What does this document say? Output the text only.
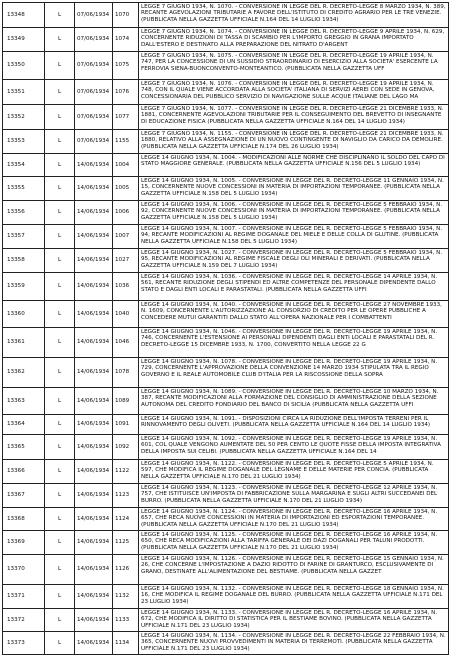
13348	L	07/06/1934	1070	LEGGE 7 GIUGNO 1934, N. 1070. - CONVERSIONE IN LEGGE DEL R. DECRETO-LEGGE 8 MARZO 1934, N. 389, RECANTE AGEVOLAZIONI TRIBUTARIE A FAVORE DELL'ISTITUTO DI CREDITO AGRARIO PER LE TRE VENEZIE. (PUBBLICATA NELLA GAZZETTA UFFICIALE N.164 DEL 14 LUGLIO 1934)
13349	L	07/06/1934	1074	LEGGE 7 GIUGNO 1934, N. 1074. - CONVERSIONE IN LEGGE DEL R. DECRETO-LEGGE 9 APRILE 1934, N. 629, CONCERNENTE RIDUZIONI DI TASSA DI SCAMBIO PER L'IMPORTO GREGGIO IN GRANA IMPORTATO DALL'ESTERO E DESTINATO ALLA PREPARAZIONE DEL NITRATO D'ARGENT
13350	L	07/06/1934	1075	LEGGE 7 GIUGNO 1934, N. 1075. - CONVERSIONE IN LEGGE DEL R. DECRETO-LEGGE 19 APRILE 1934, N. 747, PER LA CONCESSIONE DI UN SUSSIDIO STRAORDINARIO DI ESERCIZIO ALLA SOCIETA' ESERCENTE LA FERROVIA SIENA-BUONCONVENTO-MONTEANTICO. (PUBBLICATA NELLA GAZZETTA UFF
13351	L	07/06/1934	1076	LEGGE 7 GIUGNO 1934, N. 1076. - CONVERSIONE IN LEGGE DEL R. DECRETO-LEGGE 19 APRILE 1934, N. 748, CON IL QUALE VIENE ACCORDATA ALLA SOCIETA' ITALIANA DI SERVIZI AEREI CON SEDE IN GENOVA, CONCESSIONARIA DEL PUBBLICO SERVIZIO DI NAVIGAZIONE SULLE ACQUE ITALIANE DEL LAGO MA
13352	L	07/06/1934	1077	LEGGE 7 GIUGNO 1934, N. 1077. - CONVERSIONE IN LEGGE DEL R. DECRETO-LEGGE 21 DICEMBRE 1933, N. 1881, CONCERNENTE AGEVOLAZIONI TRIBUTARIE PER IL CONSEGUIMENTO DEL BREVETTO DI INSEGNANTE DI EDUCAZIONE FISICA (PUBBLICATA NELLA GAZZETTA UFFICIALE N.164 DEL 14 LUGLIO 1934)
13353	L	07/06/1934	1155	LEGGE 7 GIUGNO 1934, N. 1155. - CONVERSIONE IN LEGGE DEL R. DECRETO-LEGGE 21 DICEMBRE 1933, N. 1880, RELATIVO ALLA ASSEGNAZIONE DI UN NUOVO CONTINGENTE DI NAVIGLIO DA CARICO DA DEMOLIRE. (PUBBLICATA NELLA GAZZETTA UFFICIALE N.174 DEL 26 LUGLIO 1934)
13354	L	14/06/1934	1004	LEGGE 14 GIUGNO 1934, N. 1004. - MODIFICAZIONI ALLE NORME CHE DISCIPLINANO IL SOLDO DEL CAPO DI STATO MAGGIORE GENERALE. (PUBBLICATA NELLA GAZZETTA UFFICIALE N.156 DEL 5 LUGLIO 1934)
13355	L	14/06/1934	1005	LEGGE 14 GIUGNO 1934, N. 1005. - CONVERSIONE IN LEGGE DEL R. DECRETO-LEGGE 11 GENNAIO 1934, N. 15, CONCERNENTE NUOVE CONCESSIONI IN MATERIA DI IMPORTAZIONI TEMPORANEE. (PUBBLICATA NELLA GAZZETTA UFFICIALE N.158 DEL 5 LUGLIO 1934)
13356	L	14/06/1934	1006	LEGGE 14 GIUGNO 1934, N. 1006. - CONVERSIONE IN LEGGE DEL R. DECRETO-LEGGE 5 FEBBRAIO 1934, N. 92, CONCERNENTE NUOVE CONCESSIONI IN MATERIA DI IMPORTAZIONI TEMPORANEE. (PUBBLICATA NELLA GAZZETTA UFFICIALE N.158 DEL 5 LUGLIO 1934)
13357	L	14/06/1934	1007	LEGGE 14 GIUGNO 1934, N. 1007. - CONVERSIONE IN LEGGE DEL R. DECRETO-LEGGE 5 FEBBRAIO 1934, N. 94, RECANTE MODIFICAZIONI AL REGIME DOGANALE DEL MIELE E DELLE COLLA DI GLUTINE. (PUBBLICATA NELLA GAZZETTA UFFICIALE N.158 DEL 5 LUGLIO 1934)
13358	L	14/06/1934	1027	LEGGE 14 GIUGNO 1934, N. 1027. - CONVERSIONE IN LEGGE DEL R. DECRETO-LEGGE 5 FEBBRAIO 1934, N. 95, RECANTE MODIFICAZIONI AL REGIME FISCALE DEGLI OLI MINERALI E DERIVATI. (PUBBLICATA NELLA GAZZETTA UFFICIALE N.159 DEL 7 LUGLIO 1934)
13359	L	14/06/1934	1036	LEGGE 14 GIUGNO 1934, N. 1036. - CONVERSIONE IN LEGGE DEL R. DECRETO-LEGGE 14 APRILE 1934, N. 561, RECANTE RIDUZIONE DEGLI STIPENDI ED ALTRE COMPETENZE DEL PERSONALE DIPENDENTE DALLO STATO E DAGLI ENTI LOCALI E PARASTATALI. (PUBBLICATA NELLA GAZZETTA UFFI
13360	L	14/06/1934	1040	LEGGE 14 GIUGNO 1934, N. 1040. - CONVERSIONE IN LEGGE DEL R. DECRETO-LEGGE 27 NOVEMBRE 1933, N. 1609, CONCERNENTE L'AUTORIZZAZIONE AL CONSORZIO DI CREDITO PER LE OPERE PUBBLICHE A CONCEDERE MUTUI GARANTITI DALLO STATO ALL'OPERA NAZIONALE PER I COMBATTENTI
13361	L	14/06/1934	1046	LEGGE 14 GIUGNO 1934, N. 1046. - CONVERSIONE IN LEGGE DEL R. DECRETO-LEGGE 19 APRILE 1934, N. 746, CONCERNENTE L'ESTENSIONE AI PERSONALI DIPENDENTI DAGLI ENTI LOCALI E PARASTATALI DEL R. DECRETO-LEGGE 15 DICEMBRE 1933, N. 1700, CONVERTITO NELLA LEGGE 22 G
13362	L	14/06/1934	1078	LEGGE 14 GIUGNO 1934, N. 1078. - CONVERSIONE IN LEGGE DEL R. DECRETO-LEGGE 19 APRILE 1934, N. 729, CONCERNENTE L'APPROVAZIONE DELLA CONVENZIONE 14 MARZO 1934 STIPULATA TRA IL REGIO GOVERNO E IL REALE AUTOMOBILE CLUB D'ITALIA PER LA RISCOSSIONE DELLA SOPRA
13363	L	14/06/1934	1089	LEGGE 14 GIUGNO 1934, N. 1089. - CONVERSIONE IN LEGGE DEL R. DECRETO-LEGGE 10 MARZO 1934, N. 387, RECANTE MODIFICAZIONI ALLA FORMAZIONE DEL CONSIGLIO DI AMMINISTRAZIONE DELLA SEZIONE AUTONOMA DEL CREDITO FONDIARIO DEL BANCO DI SICILIA (PUBBLICATA NELLA GAZZETTA UFFI
13364	L	14/06/1934	1091	LEGGE 14 GIUGNO 1934, N. 1091. - DISPOSIZIONI CIRCA LA RIDUZIONE DELL'IMPOSTA TERRENI PER IL RINNOVAMENTO DEGLI OLIVETI. (PUBBLICATA NELLA GAZZETTA UFFICIALE N.164 DEL 14 LUGLIO 1934)
13365	L	14/06/1934	1092	LEGGE 14 GIUGNO 1934, N. 1092. - CONVERSIONE IN LEGGE DEL R. DECRETO-LEGGE 19 APRILE 1934, N. 601, COL QUALE VENGONO AUMENTATE DEL 50 PER CENTO LE QUOTE FISSE DELLA IMPOSTA INTEGRATIVA DELLA IMPOSTA SUI CELIBI. (PUBBLICATA NELLA GAZZETTA UFFICIALE N.164 DEL 14
13366	L	14/06/1934	1122	LEGGE 14 GIUGNO 1934, N. 1122. - CONVERSIONE IN LEGGE DEL R. DECRETO-LEGGE 5 APRILE 1934, N. 597, CHE MODIFICA IL REGIME DOGANALE DEL LEGNAME E DELLE MATERIE PER CONCIA. (PUBBLICATA NELLA GAZZETTA UFFICIALE N.170 DEL 21 LUGLIO 1934)
13367	L	14/06/1934	1123	LEGGE 14 GIUGNO 1934, N. 1123. - CONVERSIONE IN LEGGE DEL R. DECRETO-LEGGE 12 APRILE 1934, N. 757, CHE ISTITUISCE UN'IMPOSTA DI FABBRICAZIONE SULLA MARGARINA E SUGLI ALTRI SUCCEDANEI DEL BURRO. (PUBBLICATA NELLA GAZZETTA UFFICIALE N.170 DEL 21 LUGLIO 1934)
13368	L	14/06/1934	1124	LEGGE 14 GIUGNO 1934, N. 1124. - CONVERSIONE IN LEGGE DEL R. DECRETO-LEGGE 16 APRILE 1934, N. 657, CHE RECA NUOVE CONCESSIONI IN MATERIA DI IMPORTAZIONI ED ESPORTAZIONI TEMPORANEE. (PUBBLICATA NELLA GAZZETTA UFFICIALE N.170 DEL 21 LUGLIO 1934)
13369	L	14/06/1934	1125	LEGGE 14 GIUGNO 1934, N. 1125. - CONVERSIONE IN LEGGE DEL R. DECRETO-LEGGE 16 APRILE 1934, N. 650, CHE RECA MODIFICAZIONI ALLA TARIFFA GENERALE DEI DAZI DOGANALI PER TALUNI PRODOTTI. (PUBBLICATA NELLA GAZZETTA UFFICIALE N.170 DEL 21 LUGLIO 1934)
13370	L	14/06/1934	1126	LEGGE 14 GIUGNO 1934, N. 1126. - CONVERSIONE IN LEGGE DEL R. DECRETO-LEGGE 15 GENNAIO 1934, N. 26, CHE CONCERNE L'IMPOSTAZIONE A DAZIO RIDOTTO DI FARINE DI GRANTURCO, ESCLUSIVAMENTE DI GRANO, DESTINATE ALL'ALIMENTAZIONE DEL BESTIAME. (PUBBLICATA NELLA GAZZET
13371	L	14/06/1934	1132	LEGGE 14 GIUGNO 1934, N. 1132. - CONVERSIONE IN LEGGE DEL R. DECRETO-LEGGE 18 GENNAIO 1934, N. 16, CHE MODIFICA IL REGIME DOGANALE DEL BURRO. (PUBBLICATA NELLA GAZZETTA UFFICIALE N.171 DEL 23 LUGLIO 1934)
13372	L	14/06/1934	1133	LEGGE 14 GIUGNO 1934, N. 1133. - CONVERSIONE IN LEGGE DEL R. DECRETO-LEGGE 16 APRILE 1934, N. 672, CHE MODIFICA IL DIRITTO DI STATISTICA PER IL BESTIAME BOVINO. (PUBBLICATA NELLA GAZZETTA UFFICIALE N.171 DEL 23 LUGLIO 1934)
13373	L	14/06/1934	1134	LEGGE 14 GIUGNO 1934, N. 1134. - CONVERSIONE IN LEGGE DEL R. DECRETO-LEGGE 22 FEBBRAIO 1934, N. 365, CONCERNENTE NUOVI PROVVEDIMENTI IN MATERIA DI TERREMOTI. (PUBBLICATA NELLA GAZZETTA UFFICIALE N.171 DEL 23 LUGLIO 1934)
